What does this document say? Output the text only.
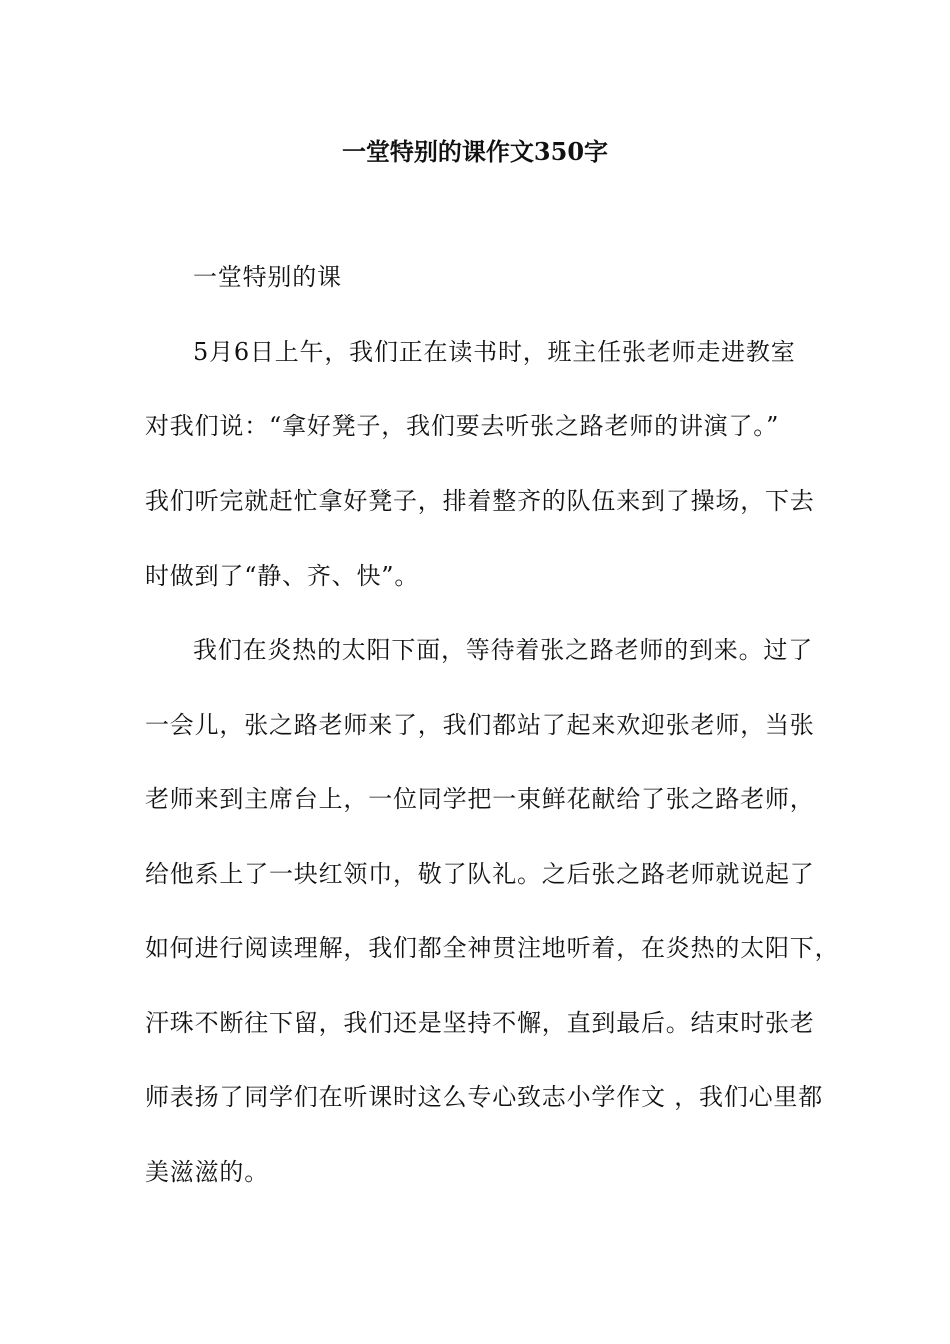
一堂特别的课作文350字
一堂特别的课
5月6日上午，我们正在读书时，班主任张老师走进教室
对我们说：“拿好凳子，我们要去听张之路老师的讲演了。”
我们听完就赶忙拿好凳子，排着整齐的队伍来到了操场，下去
时做到了“静、齐、快”。
我们在炎热的太阳下面，等待着张之路老师的到来。过了
一会儿，张之路老师来了，我们都站了起来欢迎张老师，当张
老师来到主席台上，一位同学把一束鲜花献给了张之路老师，
给他系上了一块红领巾，敬了队礼。之后张之路老师就说起了
如何进行阅读理解，我们都全神贯注地听着，在炎热的太阳下，
汗珠不断往下留，我们还是坚持不懈，直到最后。结束时张老
师表扬了同学们在听课时这么专心致志小学作文 ，我们心里都
美滋滋的。
